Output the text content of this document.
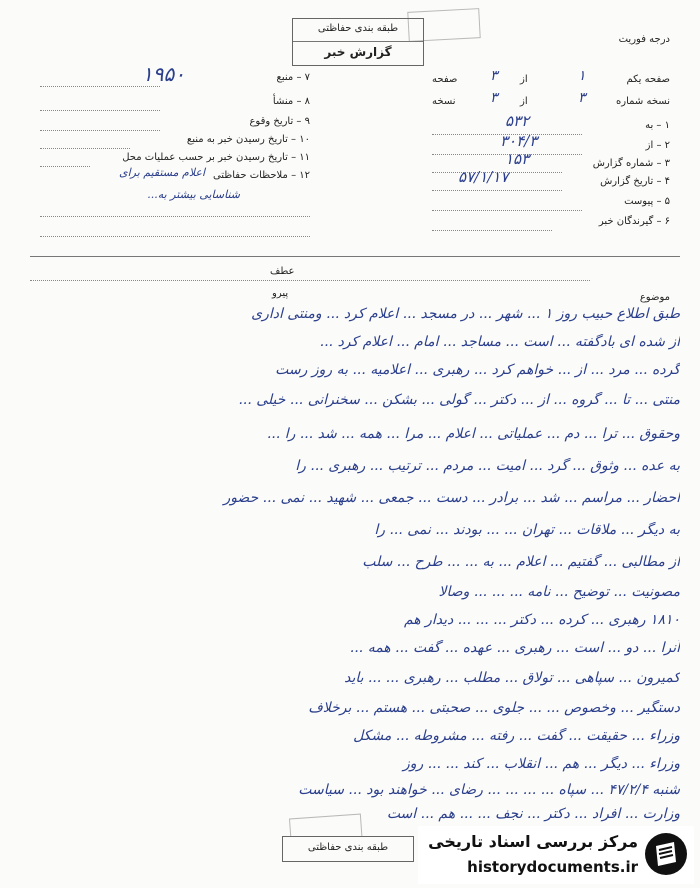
طبقه بندی حفاظتی
گزارش خبر
درجه فوریت
۱۹۵۰	۷ – منبع
۸ – منشأ
۹ – تاریخ وقوع
۱۰ – تاریخ رسیدن خبر به منبع
۱۱ – تاریخ رسیدن خبر بر حسب عملیات محل
۱۲ – ملاحظات حفاظتی
اعلام مستقیم برای
شناسایی بیشتر به...
صفحه یکم
۱
از
۳
صفحه
نسخه شماره
۳
از
۳
نسخه
۱ – به
۵۳۲
۲ – از
۳۰۴/۳
۳ – شماره گزارش
۱۵۳
۴ – تاریخ گزارش
۵۷/۱/۱۷
۵ – پیوست
۶ – گیرندگان خبر
موضوع
عطف
پیرو
طبق اطلاع حبیب روز ۱ ... شهر ... در مسجد ... اعلام کرد ... ومنتی اداری
از شده ای بادگفته ... است ... مساجد ... امام ... اعلام کرد ...
گرده ... مرد ... از ... خواهم کرد ... رهبری ... اعلامیه ... به روز رست
منتی ... تا ... گروه ... از ... دکتر ... گولی ... بشکن ... سخنرانی ... خیلی ...
وحقوق ... ترا ... دم ... عملیاتی ... اعلام ... مرا ... همه ... شد ... را ...
به عده ... وثوق ... گرد ... امیت ... مردم ... ترتیب ... رهبری ... را
احضار ... مراسم ... شد ... برادر ... دست ... جمعی ... شهید ... نمی ... حضور
به دیگر ... ملاقات ... تهران ... ... بودند ... نمی ... را
از مطالبی ... گفتیم ... اعلام ... به ... ... طرح ... سلب
مصونیت ... توضیح ... نامه ... ... ... وصالا
۱۸۱۰ رهبری ... کرده ... دکتر ... ... ... دیدار هم
آنرا ... دو ... است ... رهبری ... عهده ... گفت ... همه ...
کمیرون ... سپاهی ... تولاق ... مطلب ... رهبری ... ... باید
دستگیر ... وخصوص ... ... جلوی ... صحبتی ... هستم ... برخلاف
وزراء ... حقیقت ... گفت ... رفته ... مشروطه ... مشکل
وزراء ... دیگر ... هم ... انقلاب ... کند ... ... روز
شنبه ۴۷/۲/۴ ... سپاه ... ... ... ... رضای ... خواهند بود ... سیاست
وزارت ... افراد ... دکتر ... نجف ... ... هم ... است
طبقه بندی حفاظتی	مرکز بررسی اسناد تاریخی
historydocuments.ir
